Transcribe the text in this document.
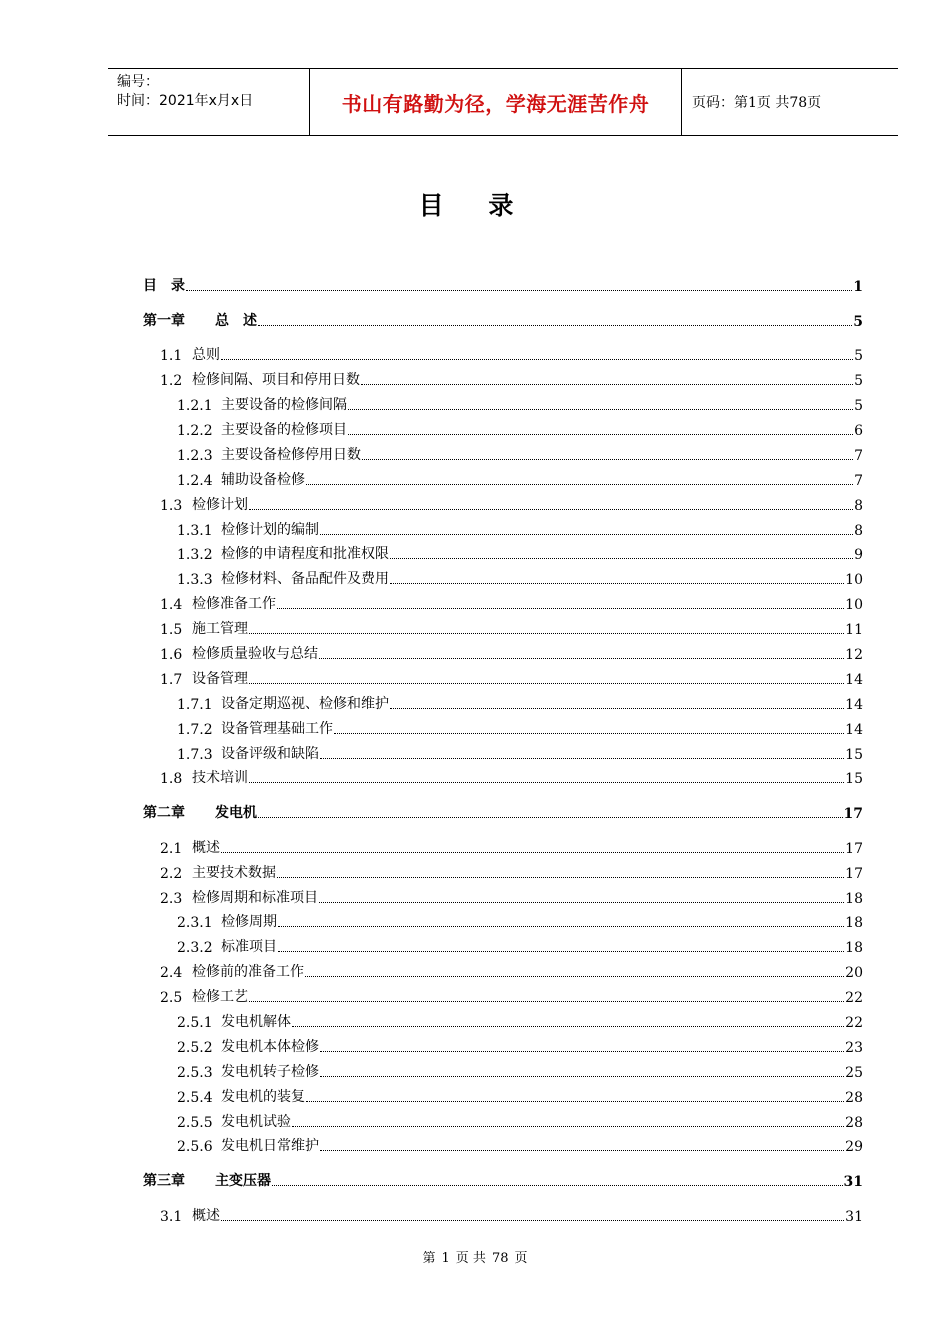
编号：
时间：2021年x月x日	书山有路勤为径，学海无涯苦作舟	页码：第1页 共78页
目 录
目　录	1
第一章	总　述	5
1.1 总则	5
1.2 检修间隔、项目和停用日数	5
1.2.1 主要设备的检修间隔	5
1.2.2 主要设备的检修项目	6
1.2.3 主要设备检修停用日数	7
1.2.4 辅助设备检修	7
1.3 检修计划	8
1.3.1 检修计划的编制	8
1.3.2 检修的申请程度和批准权限	9
1.3.3 检修材料、备品配件及费用	10
1.4 检修准备工作	10
1.5 施工管理	11
1.6 检修质量验收与总结	12
1.7 设备管理	14
1.7.1 设备定期巡视、检修和维护	14
1.7.2 设备管理基础工作	14
1.7.3 设备评级和缺陷	15
1.8 技术培训	15
第二章	发电机	17
2.1 概述	17
2.2 主要技术数据	17
2.3 检修周期和标准项目	18
2.3.1 检修周期	18
2.3.2 标准项目	18
2.4 检修前的准备工作	20
2.5 检修工艺	22
2.5.1 发电机解体	22
2.5.2 发电机本体检修	23
2.5.3 发电机转子检修	25
2.5.4 发电机的装复	28
2.5.5 发电机试验	28
2.5.6 发电机日常维护	29
第三章	主变压器	31
3.1 概述	31
第 1 页 共 78 页
